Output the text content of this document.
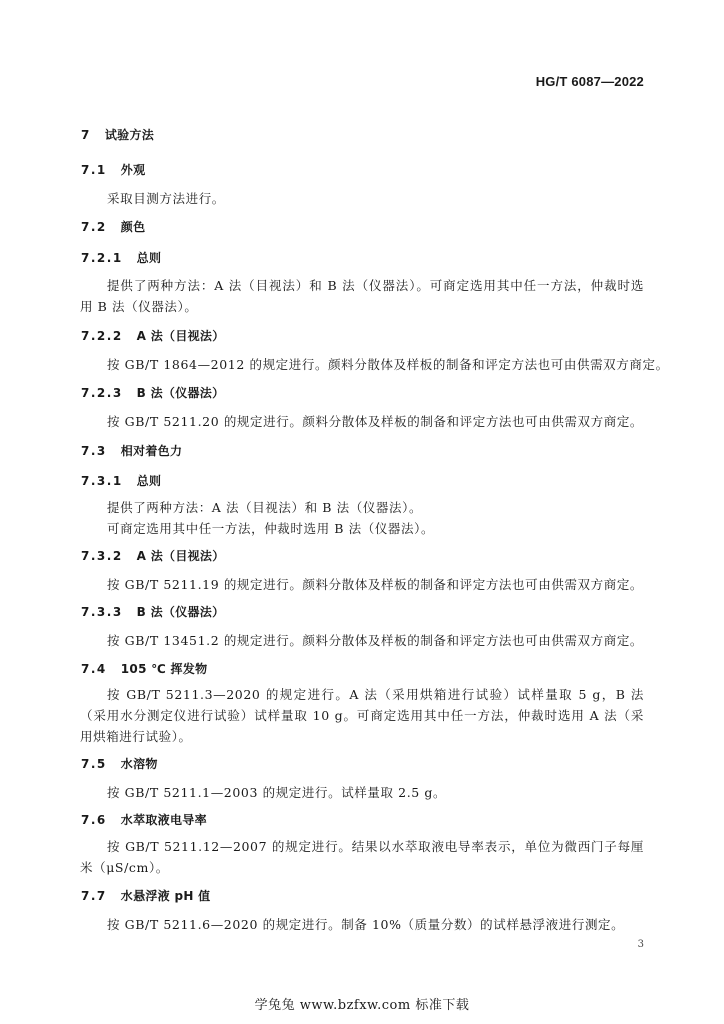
HG/T 6087—2022
7 试验方法
7.1 外观
采取目测方法进行。
7.2 颜色
7.2.1 总则
提供了两种方法：A 法（目视法）和 B 法（仪器法）。可商定选用其中任一方法，仲裁时选用 B 法（仪器法）。
7.2.2 A 法（目视法）
按 GB/T 1864—2012 的规定进行。颜料分散体及样板的制备和评定方法也可由供需双方商定。
7.2.3 B 法（仪器法）
按 GB/T 5211.20 的规定进行。颜料分散体及样板的制备和评定方法也可由供需双方商定。
7.3 相对着色力
7.3.1 总则
提供了两种方法：A 法（目视法）和 B 法（仪器法）。
可商定选用其中任一方法，仲裁时选用 B 法（仪器法）。
7.3.2 A 法（目视法）
按 GB/T 5211.19 的规定进行。颜料分散体及样板的制备和评定方法也可由供需双方商定。
7.3.3 B 法（仪器法）
按 GB/T 13451.2 的规定进行。颜料分散体及样板的制备和评定方法也可由供需双方商定。
7.4 105 ℃ 挥发物
按 GB/T 5211.3—2020 的规定进行。A 法（采用烘箱进行试验）试样量取 5 g，B 法（采用水分测定仪进行试验）试样量取 10 g。可商定选用其中任一方法，仲裁时选用 A 法（采用烘箱进行试验）。
7.5 水溶物
按 GB/T 5211.1—2003 的规定进行。试样量取 2.5 g。
7.6 水萃取液电导率
按 GB/T 5211.12—2007 的规定进行。结果以水萃取液电导率表示，单位为微西门子每厘米（μS/cm）。
7.7 水悬浮液 pH 值
按 GB/T 5211.6—2020 的规定进行。制备 10%（质量分数）的试样悬浮液进行测定。
3
学兔兔 www.bzfxw.com 标准下载
